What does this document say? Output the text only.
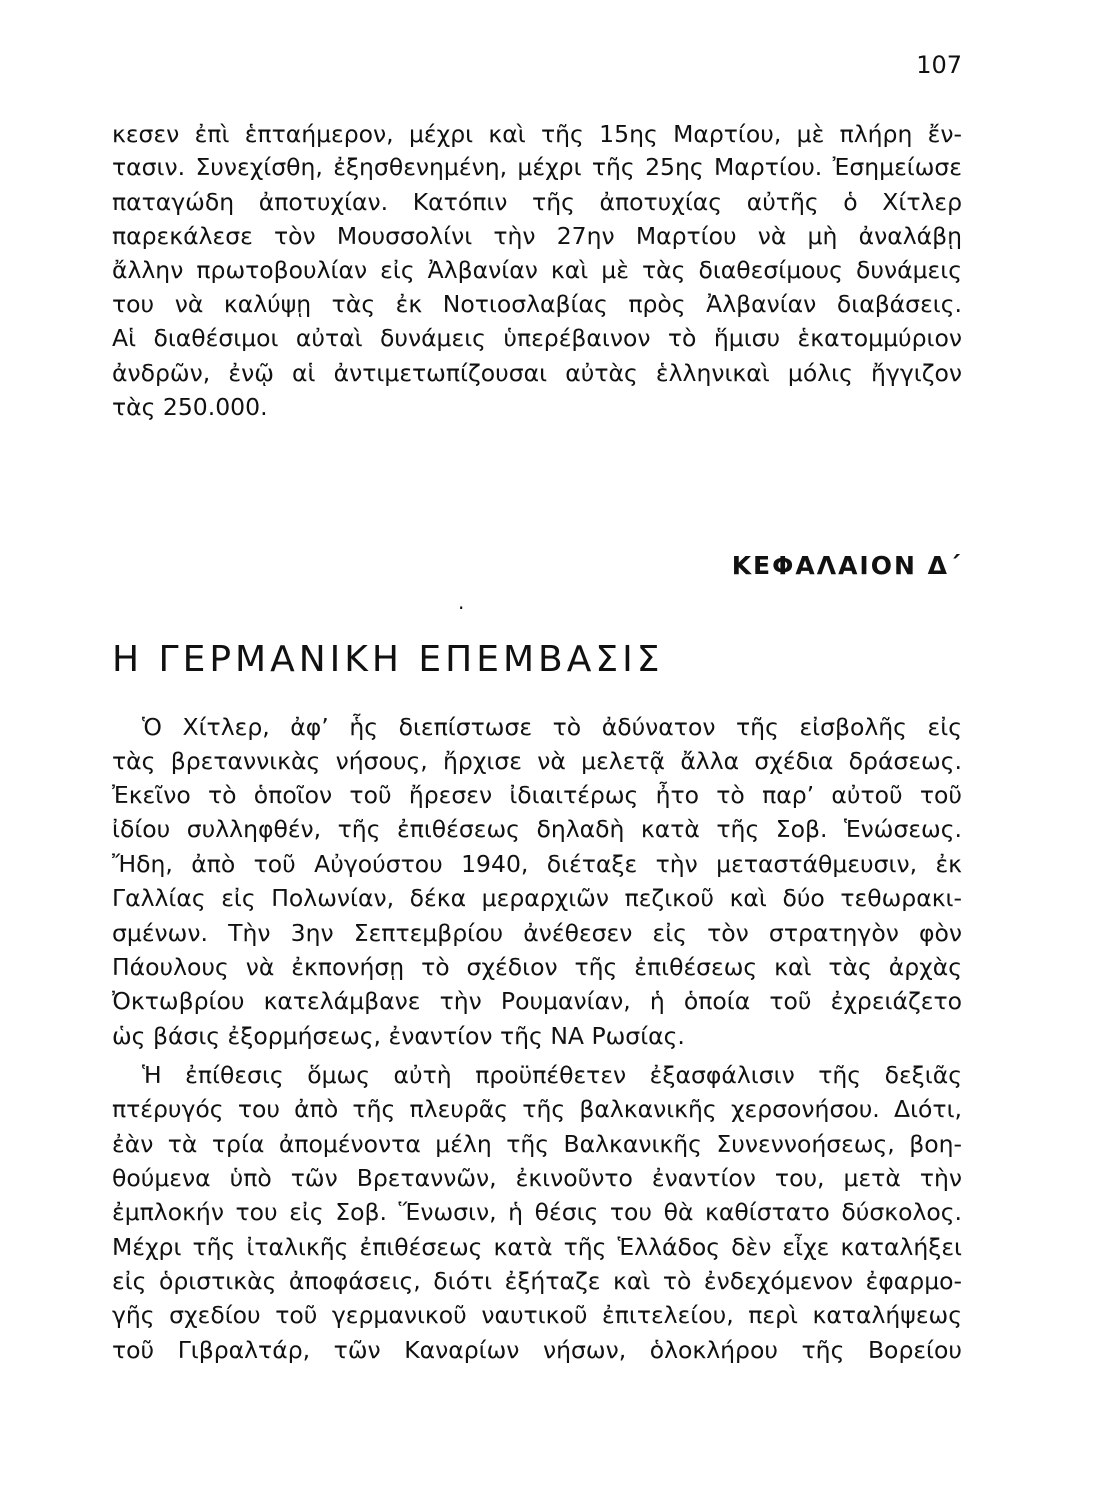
107
κεσεν ἐπὶ ἑπταήμερον, μέχρι καὶ τῆς 15ης Μαρτίου, μὲ πλήρη ἔν-
τασιν. Συνεχίσθη, ἐξησθενημένη, μέχρι τῆς 25ης Μαρτίου. Ἐσημείωσε
παταγώδη ἀποτυχίαν. Κατόπιν τῆς ἀποτυχίας αὐτῆς ὁ Χίτλερ
παρεκάλεσε τὸν Μουσσολίνι τὴν 27ην Μαρτίου νὰ μὴ ἀναλάβῃ
ἄλλην πρωτοβουλίαν εἰς Ἀλβανίαν καὶ μὲ τὰς διαθεσίμους δυνάμεις
του νὰ καλύψῃ τὰς ἐκ Νοτιοσλαβίας πρὸς Ἀλβανίαν διαβάσεις.
Αἱ διαθέσιμοι αὐταὶ δυνάμεις ὑπερέβαινον τὸ ἥμισυ ἑκατομμύριον
ἀνδρῶν, ἐνῷ αἱ ἀντιμετωπίζουσαι αὐτὰς ἑλληνικαὶ μόλις ἤγγιζον
τὰς 250.000.
ΚΕΦΑΛΑΙΟΝ Δ΄
·
Η ΓΕΡΜΑΝΙΚΗ ΕΠΕΜΒΑΣΙΣ
Ὁ Χίτλερ, ἀφ’ ἧς διεπίστωσε τὸ ἀδύνατον τῆς εἰσβολῆς εἰς
τὰς βρεταννικὰς νήσους, ἤρχισε νὰ μελετᾷ ἄλλα σχέδια δράσεως.
Ἐκεῖνο τὸ ὁποῖον τοῦ ἤρεσεν ἰδιαιτέρως ἦτο τὸ παρ’ αὐτοῦ τοῦ
ἰδίου συλληφθέν, τῆς ἐπιθέσεως δηλαδὴ κατὰ τῆς Σοβ. Ἑνώσεως.
Ἤδη, ἀπὸ τοῦ Αὐγούστου 1940, διέταξε τὴν μεταστάθμευσιν, ἐκ
Γαλλίας εἰς Πολωνίαν, δέκα μεραρχιῶν πεζικοῦ καὶ δύο τεθωρακι-
σμένων. Τὴν 3ην Σεπτεμβρίου ἀνέθεσεν εἰς τὸν στρατηγὸν φὸν
Πάουλους νὰ ἐκπονήσῃ τὸ σχέδιον τῆς ἐπιθέσεως καὶ τὰς ἀρχὰς
Ὀκτωβρίου κατελάμβανε τὴν Ρουμανίαν, ἡ ὁποία τοῦ ἐχρειάζετο
ὡς βάσις ἐξορμήσεως, ἐναντίον τῆς ΝΑ Ρωσίας.
Ἡ ἐπίθεσις ὅμως αὐτὴ προϋπέθετεν ἐξασφάλισιν τῆς δεξιᾶς
πτέρυγός του ἀπὸ τῆς πλευρᾶς τῆς βαλκανικῆς χερσονήσου. Διότι,
ἐὰν τὰ τρία ἀπομένοντα μέλη τῆς Βαλκανικῆς Συνεννοήσεως, βοη-
θούμενα ὑπὸ τῶν Βρεταννῶν, ἐκινοῦντο ἐναντίον του, μετὰ τὴν
ἐμπλοκήν του εἰς Σοβ. Ἕνωσιν, ἡ θέσις του θὰ καθίστατο δύσκολος.
Μέχρι τῆς ἰταλικῆς ἐπιθέσεως κατὰ τῆς Ἑλλάδος δὲν εἶχε καταλήξει
εἰς ὁριστικὰς ἀποφάσεις, διότι ἐξήταζε καὶ τὸ ἐνδεχόμενον ἐφαρμο-
γῆς σχεδίου τοῦ γερμανικοῦ ναυτικοῦ ἐπιτελείου, περὶ καταλήψεως
τοῦ Γιβραλτάρ, τῶν Καναρίων νήσων, ὁλοκλήρου τῆς Βορείου
